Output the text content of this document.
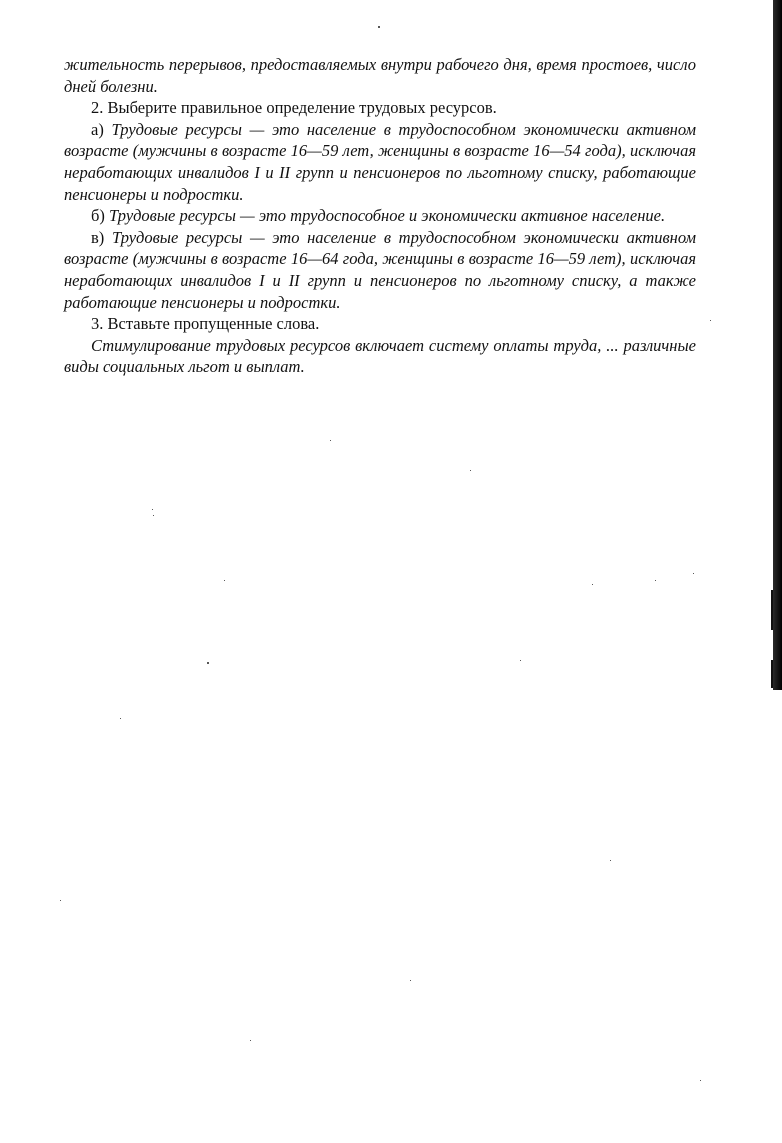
жительность перерывов, предоставляемых внутри рабочего дня, время простоев, число дней болезни.

2. Выберите правильное определение трудовых ресурсов.

а) Трудовые ресурсы — это население в трудоспособном экономически активном возрасте (мужчины в возрасте 16—59 лет, женщины в возрасте 16—54 года), исключая неработающих инвалидов I и II групп и пенсионеров по льготному списку, работающие пенсионеры и подростки.

б) Трудовые ресурсы — это трудоспособное и экономически активное население.

в) Трудовые ресурсы — это население в трудоспособном экономически активном возрасте (мужчины в возрасте 16—64 года, женщины в возрасте 16—59 лет), исключая неработающих инвалидов I и II групп и пенсионеров по льготному списку, а также работающие пенсионеры и подростки.

3. Вставьте пропущенные слова.

Стимулирование трудовых ресурсов включает систему оплаты труда, ... различные виды социальных льгот и выплат.
